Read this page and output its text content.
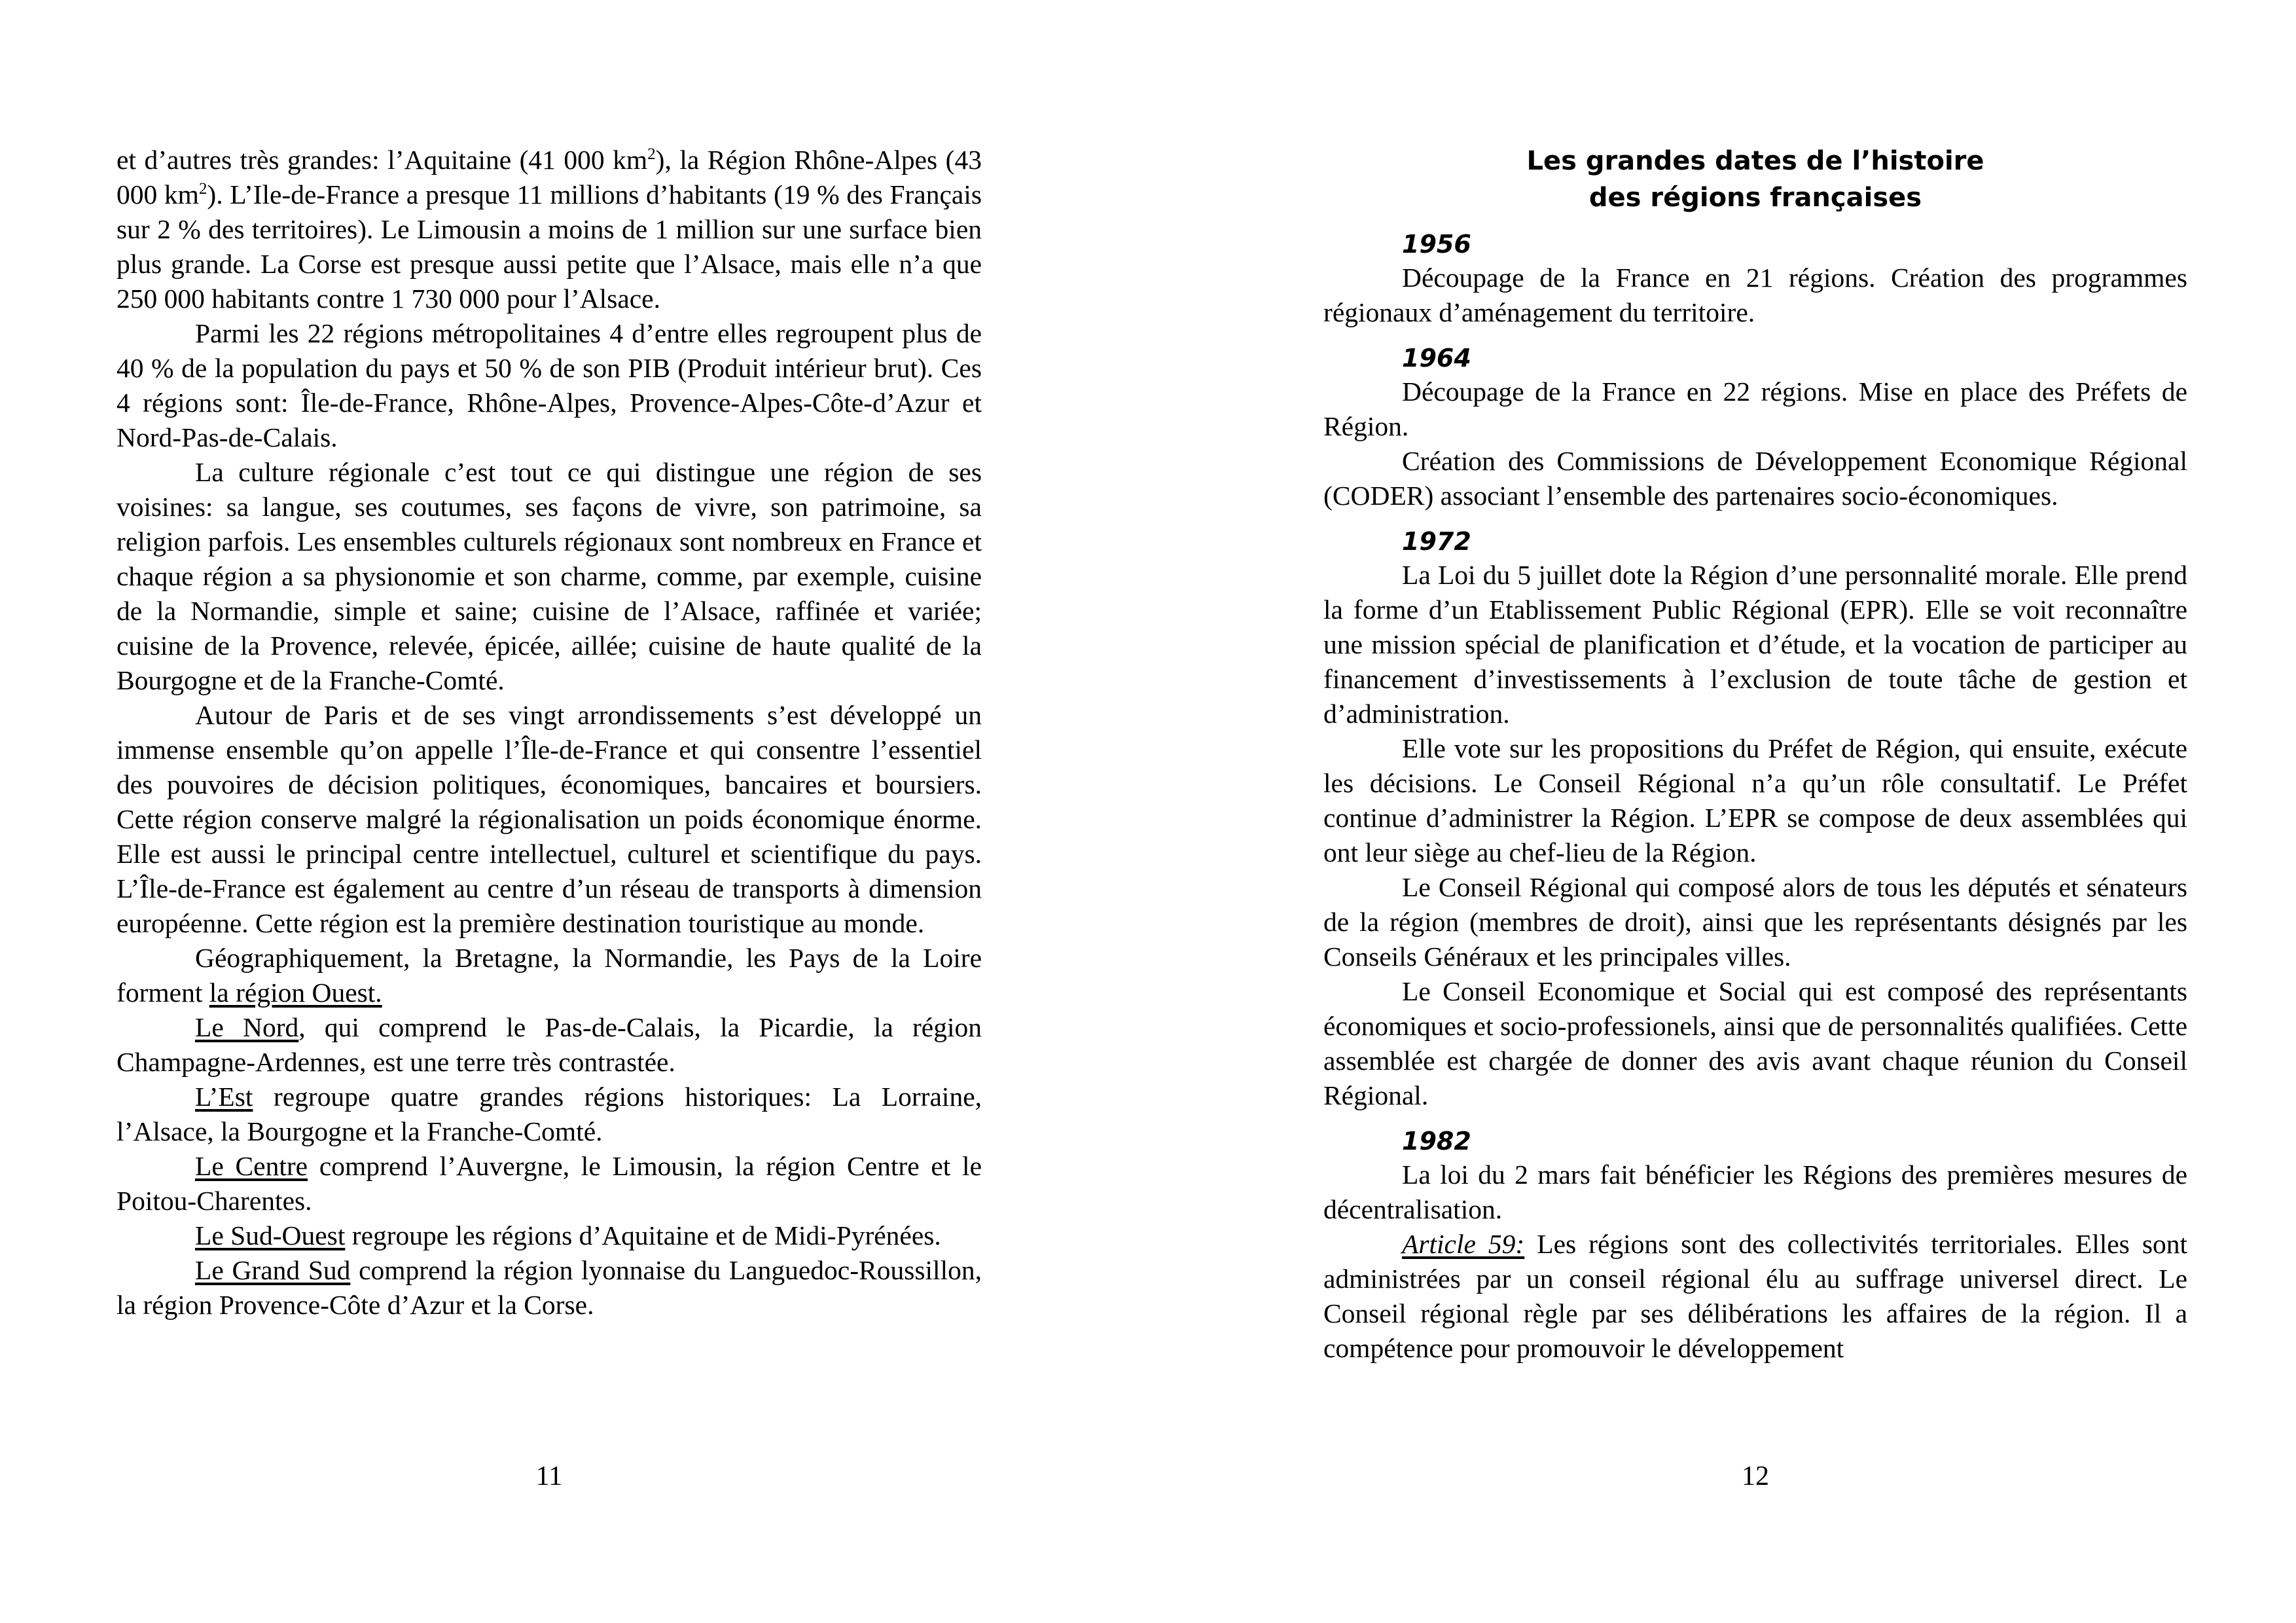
et d’autres très grandes: l’Aquitaine (41 000 $km^2$), la Région Rhône-Alpes (43 000 $km^2$). L’Ile-de-France a presque 11 millions d’habitants (19 % des Français sur 2 % des territoires). Le Limousin a moins de 1 million sur une surface bien plus grande. La Corse est presque aussi petite que l’Alsace, mais elle n’a que 250 000 habitants contre 1 730 000 pour l’Alsace.

Parmi les 22 régions métropolitaines 4 d’entre elles regroupent plus de 40 % de la population du pays et 50 % de son PIB (Produit intérieur brut). Ces 4 régions sont: Île-de-France, Rhône-Alpes, Provence-Alpes-Côte-d’Azur et Nord-Pas-de-Calais.

La culture régionale c’est tout ce qui distingue une région de ses voisines: sa langue, ses coutumes, ses façons de vivre, son patrimoine, sa religion parfois. Les ensembles culturels régionaux sont nombreux en France et chaque région a sa physionomie et son charme, comme, par exemple, cuisine de la Normandie, simple et saine; cuisine de l’Alsace, raffinée et variée; cuisine de la Provence, relevée, épicée, aillée; cuisine de haute qualité de la Bourgogne et de la Franche-Comté.

Autour de Paris et de ses vingt arrondissements s’est développé un immense ensemble qu’on appelle l’Île-de-France et qui consentre l’essentiel des pouvoires de décision politiques, économiques, bancaires et boursiers. Cette région conserve malgré la régionalisation un poids économique énorme. Elle est aussi le principal centre intellectuel, culturel et scientifique du pays. L’Île-de-France est également au centre d’un réseau de transports à dimension européenne. Cette région est la première destination touristique au monde.

Géographiquement, la Bretagne, la Normandie, les Pays de la Loire forment la région Ouest.

Le Nord, qui comprend le Pas-de-Calais, la Picardie, la région Champagne-Ardennes, est une terre très contrastée.

L’Est regroupe quatre grandes régions historiques: La Lorraine, l’Alsace, la Bourgogne et la Franche-Comté.

Le Centre comprend l’Auvergne, le Limousin, la région Centre et le Poitou-Charentes.

Le Sud-Ouest regroupe les régions d’Aquitaine et de Midi-Pyrénées.

Le Grand Sud comprend la région lyonnaise du Languedoc-Roussillon, la région Provence-Côte d’Azur et la Corse.

11
Les grandes dates de l’histoire
des régions françaises
1956

Découpage de la France en 21 régions. Création des programmes régionaux d’aménagement du territoire.

1964

Découpage de la France en 22 régions. Mise en place des Préfets de Région.

Création des Commissions de Développement Economique Régional (CODER) associant l’ensemble des partenaires socio-économiques.

1972

La Loi du 5 juillet dote la Région d’une personnalité morale. Elle prend la forme d’un Etablissement Public Régional (EPR). Elle se voit reconnaître une mission spécial de planification et d’étude, et la vocation de participer au financement d’investissements à l’exclusion de toute tâche de gestion et d’administration.

Elle vote sur les propositions du Préfet de Région, qui ensuite, exécute les décisions. Le Conseil Régional n’a qu’un rôle consultatif. Le Préfet continue d’administrer la Région. L’EPR se compose de deux assemblées qui ont leur siège au chef-lieu de la Région.

Le Conseil Régional qui composé alors de tous les députés et sénateurs de la région (membres de droit), ainsi que les représentants désignés par les Conseils Généraux et les principales villes.

Le Conseil Economique et Social qui est composé des représentants économiques et socio-professionels, ainsi que de personnalités qualifiées. Cette assemblée est chargée de donner des avis avant chaque réunion du Conseil Régional.

1982

La loi du 2 mars fait bénéficier les Régions des premières mesures de décentralisation.

Article 59: Les régions sont des collectivités territoriales. Elles sont administrées par un conseil régional élu au suffrage universel direct. Le Conseil régional règle par ses délibérations les affaires de la région. Il a compétence pour promouvoir le développement

12
